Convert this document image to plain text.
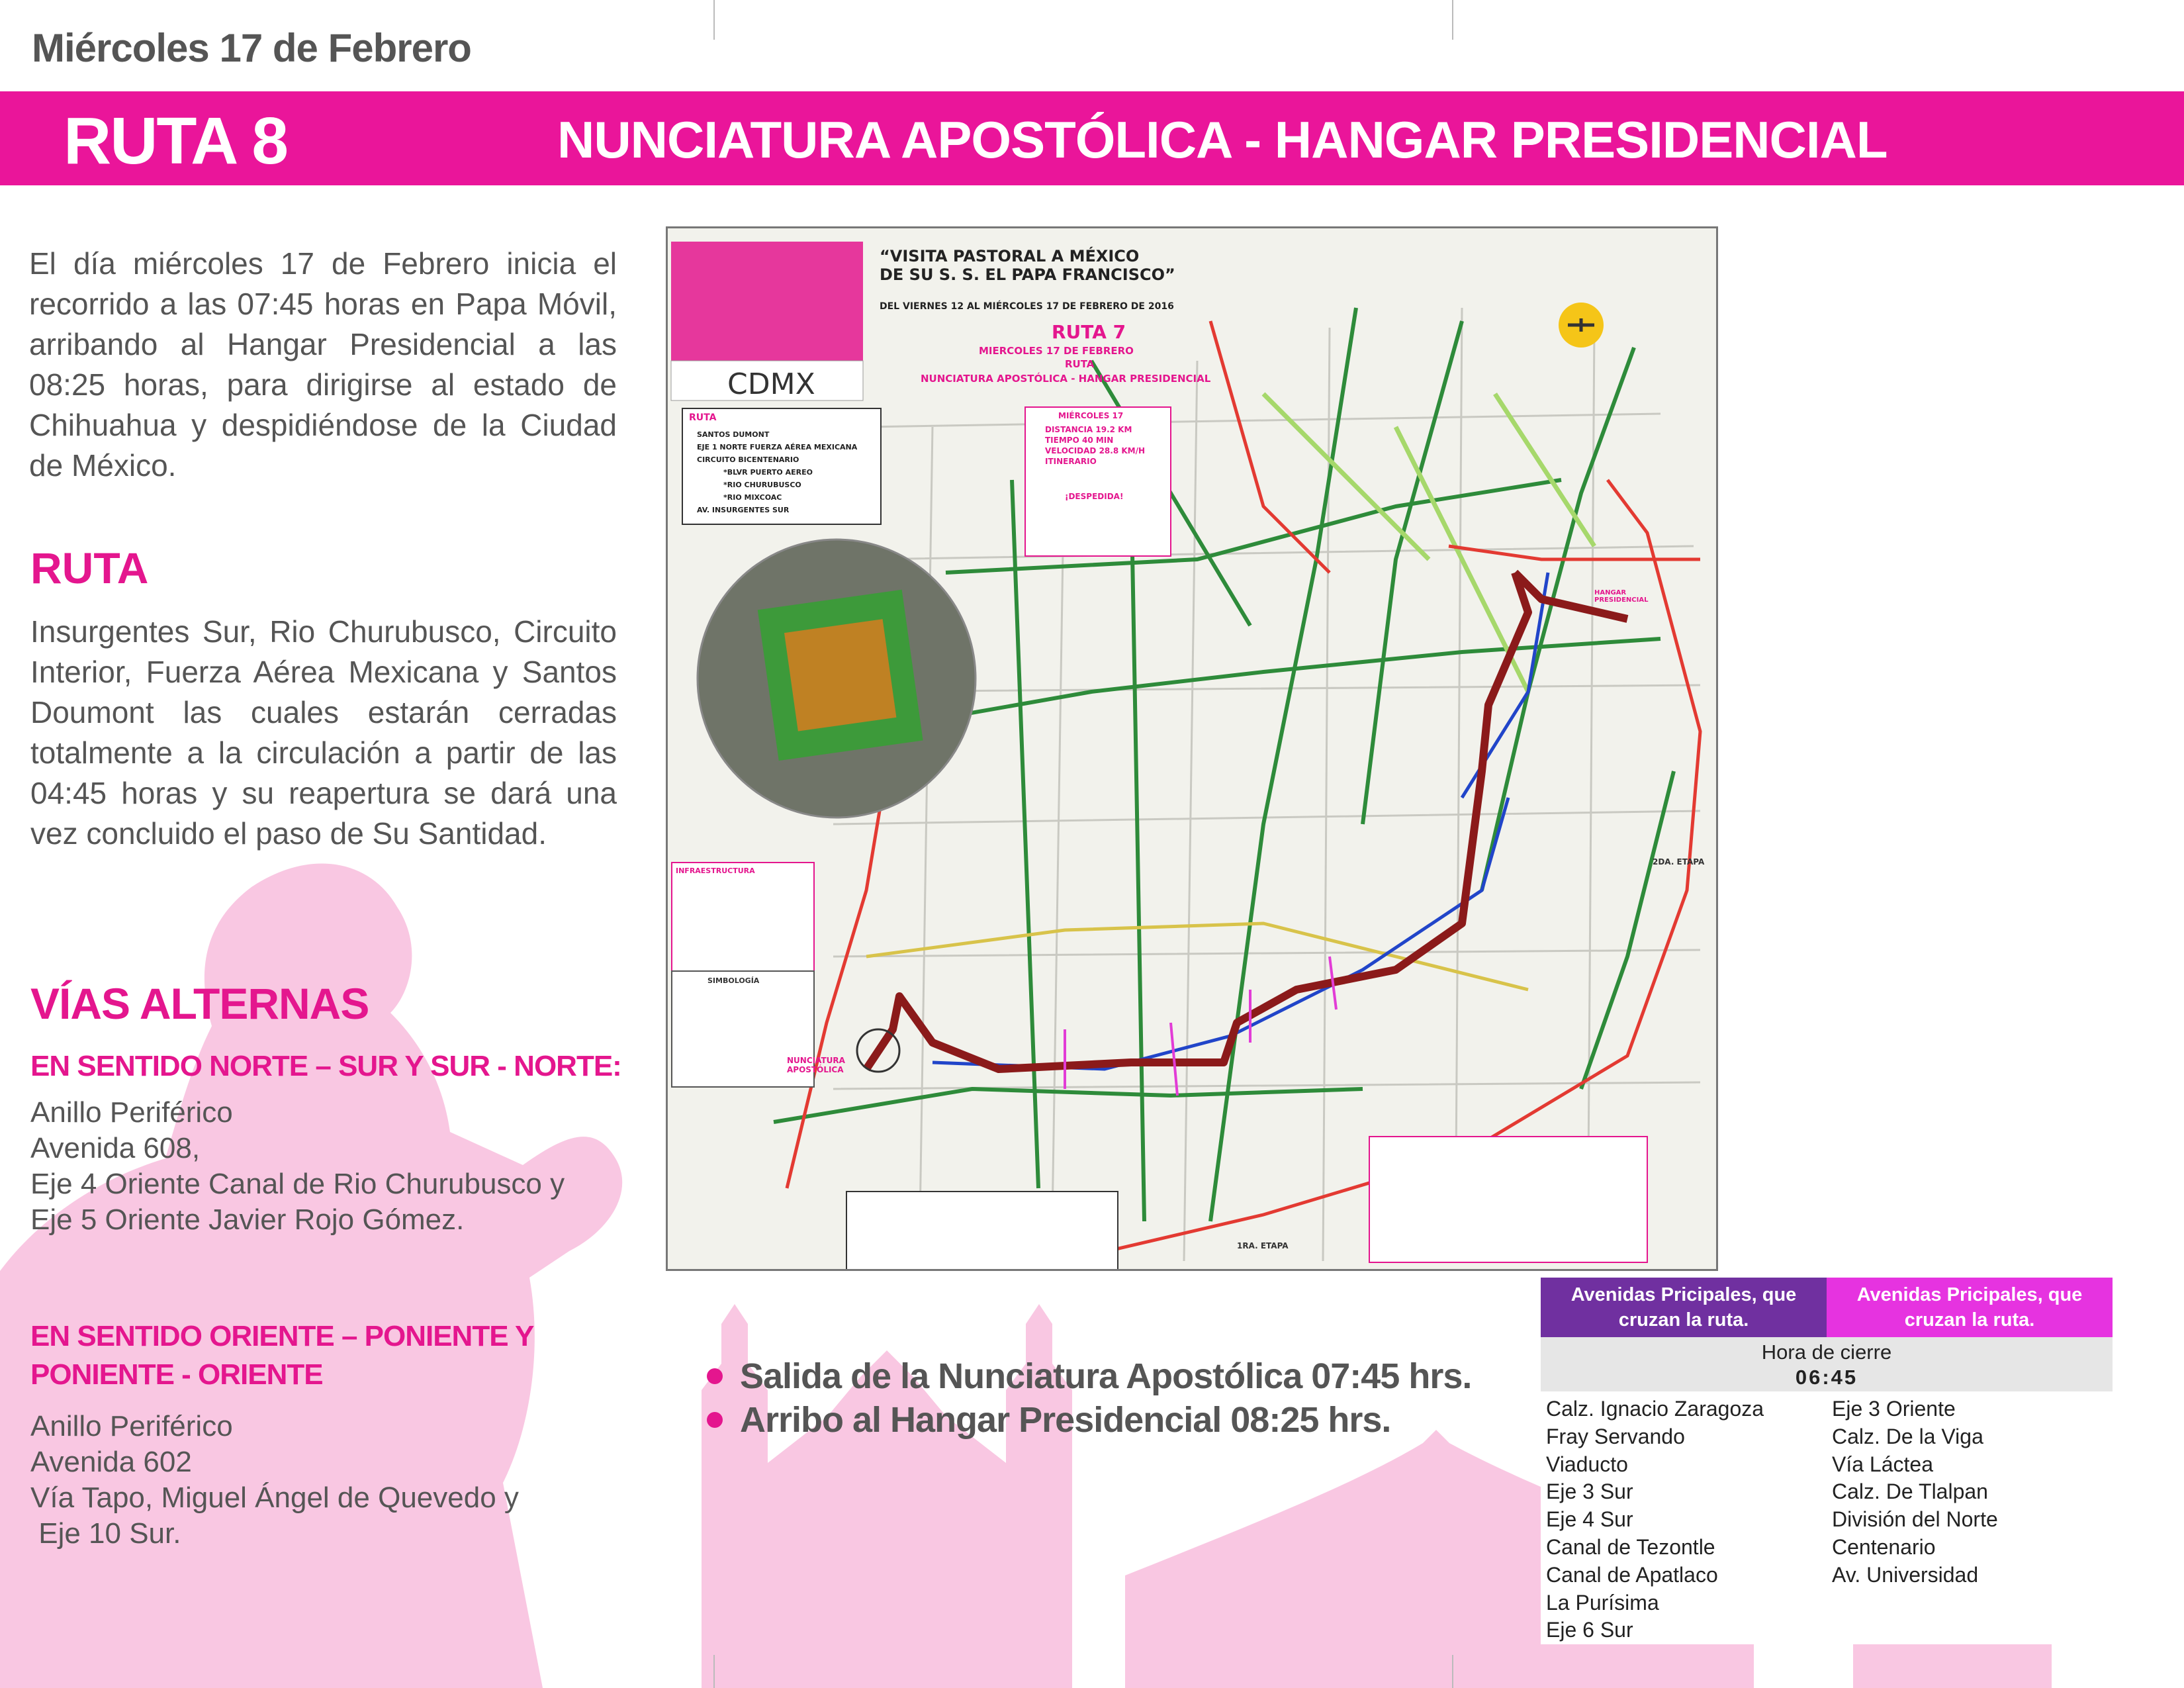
Miércoles 17 de Febrero
RUTA 8	NUNCIATURA APOSTÓLICA - HANGAR PRESIDENCIAL
El día miércoles 17 de Febrero inicia el recorrido a las 07:45 horas en Papa Móvil, arribando al Hangar Presidencial a las 08:25 horas, para dirigirse al estado de Chihuahua y despidiéndose de la Ciudad de México.
RUTA
Insurgentes Sur, Rio Churubusco, Circuito Interior, Fuerza Aérea Mexicana y Santos Doumont las cuales estarán cerradas totalmente a la circulación a partir de las 04:45 horas y su reapertura se dará una vez concluido el paso de Su Santidad.
VÍAS ALTERNAS
EN SENTIDO NORTE – SUR Y SUR - NORTE:
Anillo Periférico
Avenida 608,
Eje 4 Oriente Canal de Rio Churubusco y
Eje 5 Oriente Javier Rojo Gómez.
EN SENTIDO ORIENTE – PONIENTE Y
PONIENTE - ORIENTE
Anillo Periférico
Avenida 602
Vía Tapo, Miguel Ángel de Quevedo y
Eje 10 Sur.
“VISITA PASTORAL A MÉXICO
DE SU S. S. EL PAPA FRANCISCO”
DEL VIERNES 12 AL MIÉRCOLES 17 DE FEBRERO DE 2016
RUTA 7
MIERCOLES 17 DE FEBRERO
RUTA
NUNCIATURA APOSTÓLICA - HANGAR PRESIDENCIAL
CDMX
RUTA
SANTOS DUMONT
EJE 1 NORTE FUERZA AÉREA MEXICANA
CIRCUITO BICENTENARIO
*BLVR PUERTO AEREO
*RIO CHURUBUSCO
*RIO MIXCOAC
AV. INSURGENTES SUR
MIÉRCOLES 17
DISTANCIA 19.2 KM
TIEMPO 40 MIN
VELOCIDAD 28.8 KM/H
ITINERARIO
¡DESPEDIDA!
INFRAESTRUCTURA
SIMBOLOGÍA
NUNCIATURA APOSTÓLICA
2DA. ETAPA
1RA. ETAPA
HANGAR PRESIDENCIAL
Salida de la Nunciatura Apostólica 07:45 hrs.
Arribo al Hangar Presidencial 08:25 hrs.
Avenidas Pricipales, que cruzan la ruta.
Avenidas Pricipales, que cruzan la ruta.
Hora de cierre
06:45
Calz. Ignacio Zaragoza
Fray Servando
Viaducto
Eje 3 Sur
Eje 4 Sur
Canal de Tezontle
Canal de Apatlaco
La Purísima
Eje 6 Sur
Eje 3 Oriente
Calz. De la Viga
Vía Láctea
Calz. De Tlalpan
División del Norte
Centenario
Av. Universidad
